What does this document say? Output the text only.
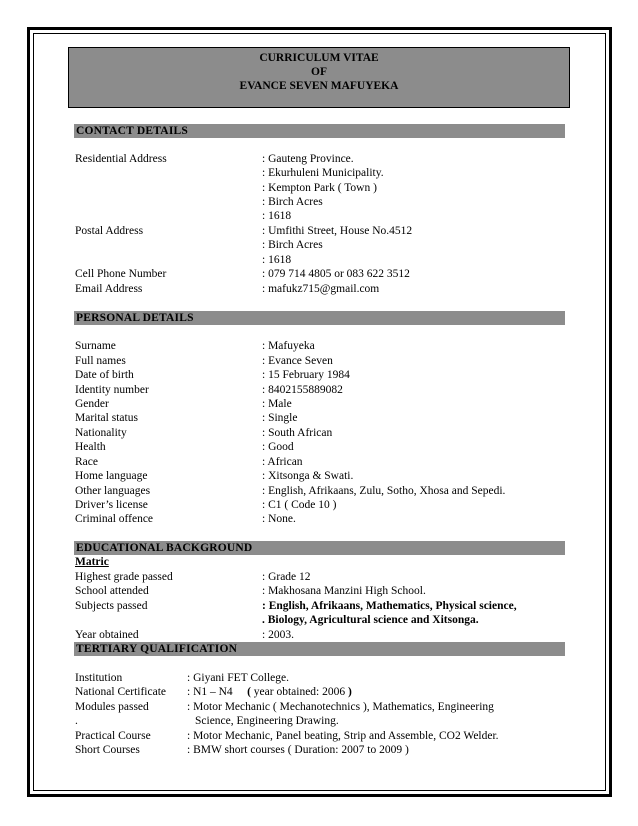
CURRICULUM VITAE
OF
EVANCE SEVEN MAFUYEKA
CONTACT DETAILS
Residential Address	: Gauteng Province.
: Ekurhuleni Municipality.
: Kempton Park ( Town )
: Birch Acres
: 1618
Postal Address	: Umfithi Street, House No.4512
: Birch Acres
: 1618
Cell Phone Number	: 079 714 4805 or 083 622 3512
Email Address	: mafukz715@gmail.com
PERSONAL DETAILS
Surname	: Mafuyeka
Full names	: Evance Seven
Date of birth	: 15 February 1984
Identity number	: 8402155889082
Gender	: Male
Marital status	: Single
Nationality	: South African
Health	: Good
Race	: African
Home language	: Xitsonga & Swati.
Other languages	: English, Afrikaans, Zulu, Sotho, Xhosa and Sepedi.
Driver’s license	: C1 ( Code 10 )
Criminal offence	: None.
EDUCATIONAL BACKGROUND
Matric
Highest grade passed	: Grade 12
School attended	: Makhosana Manzini High School.
Subjects passed	: English, Afrikaans, Mathematics, Physical science,
. Biology, Agricultural science and Xitsonga.
Year obtained	: 2003.
TERTIARY QUALIFICATION
Institution	: Giyani FET College.
National Certificate : N1 – N4 ( year obtained: 2006 )
Modules passed	: Motor Mechanic ( Mechanotechnics ), Mathematics, Engineering
.	Science, Engineering Drawing.
Practical Course	: Motor Mechanic, Panel beating, Strip and Assemble, CO2 Welder.
Short Courses	: BMW short courses ( Duration: 2007 to 2009 )
